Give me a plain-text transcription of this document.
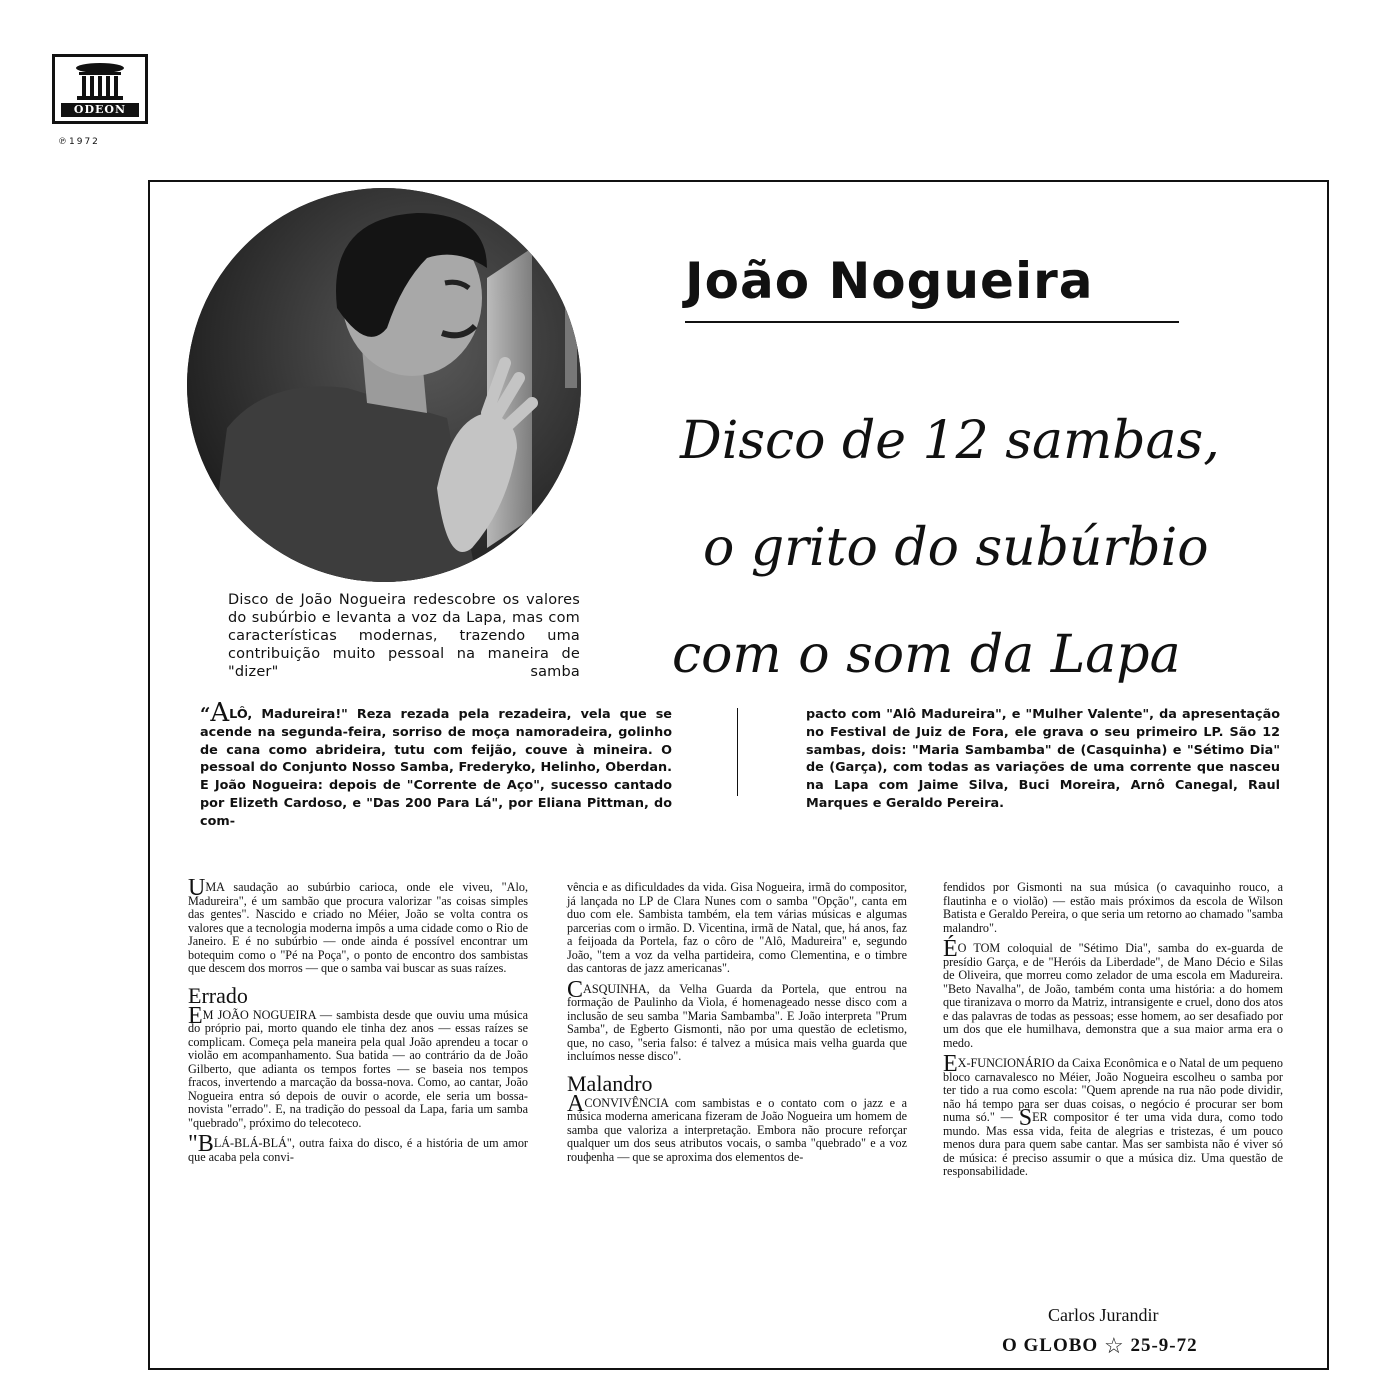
ODEON
℗1972
Disco de João Nogueira redescobre os valores do subúrbio e levanta a voz da Lapa, mas com características modernas, trazendo uma contribuição muito pessoal na maneira de "dizer" samba
João Nogueira
Disco de 12 sambas,
o grito do subúrbio
com o som da Lapa
“ALÔ, Madureira!" Reza rezada pela rezadeira, vela que se acende na segunda-feira, sorriso de moça namoradeira, golinho de cana como abrideira, tutu com feijão, couve à mineira. O pessoal do Conjunto Nosso Samba, Frederyko, Helinho, Oberdan. E João Nogueira: depois de "Corrente de Aço", sucesso cantado por Elizeth Cardoso, e "Das 200 Para Lá", por Eliana Pittman, do com-
pacto com "Alô Madureira", e "Mulher Valente", da apresentação no Festival de Juiz de Fora, ele grava o seu primeiro LP. São 12 sambas, dois: "Maria Sambamba" de (Casquinha) e "Sétimo Dia" de (Garça), com todas as variações de uma corrente que nasceu na Lapa com Jaime Silva, Buci Moreira, Arnô Canegal, Raul Marques e Geraldo Pereira.

UMA saudação ao subúrbio carioca, onde ele viveu, "Alo, Madureira", é um sambão que procura valorizar "as coisas simples das gentes". Nascido e criado no Méier, João se volta contra os valores que a tecnologia moderna impôs a uma cidade como o Rio de Janeiro. E é no subúrbio — onde ainda é possível encontrar um botequim como o "Pé na Poça", o ponto de encontro dos sambistas que descem dos morros — que o samba vai buscar as suas raízes.

Errado

EM JOÃO NOGUEIRA — sambista desde que ouviu uma música do próprio pai, morto quando ele tinha dez anos — essas raízes se complicam. Começa pela maneira pela qual João aprendeu a tocar o violão em acompanhamento. Sua batida — ao contrário da de João Gilberto, que adianta os tempos fortes — se baseia nos tempos fracos, invertendo a marcação da bossa-nova. Como, ao cantar, João Nogueira entra só depois de ouvir o acorde, ele seria um bossa-novista "errado". E, na tradição do pessoal da Lapa, faria um samba "quebrado", próximo do telecoteco.

"BLÁ-BLÁ-BLÁ", outra faixa do disco, é a história de um amor que acaba pela convi-

vência e as dificuldades da vida. Gisa Nogueira, irmã do compositor, já lançada no LP de Clara Nunes com o samba "Opção", canta em duo com ele. Sambista também, ela tem várias músicas e algumas parcerias com o irmão. D. Vicentina, irmã de Natal, que, há anos, faz a feijoada da Portela, faz o côro de "Alô, Madureira" e, segundo João, "tem a voz da velha partideira, como Clementina, e o timbre das cantoras de jazz americanas".

CASQUINHA, da Velha Guarda da Portela, que entrou na formação de Paulinho da Viola, é homenageado nesse disco com a inclusão de seu samba "Maria Sambamba". E João interpreta "Prum Samba", de Egberto Gismonti, não por uma questão de ecletismo, que, no caso, "seria falso: é talvez a música mais velha guarda que incluímos nesse disco".

Malandro

ACONVIVÊNCIA com sambistas e o contato com o jazz e a música moderna americana fizeram de João Nogueira um homem de samba que valoriza a interpretação. Embora não procure reforçar qualquer um dos seus atributos vocais, o samba "quebrado" e a voz rouфenha — que se aproxima dos elementos de-

fendidos por Gismonti na sua música (o cavaquinho rouco, a flautinha e o violão) — estão mais próximos da escola de Wilson Batista e Geraldo Pereira, o que seria um retorno ao chamado "samba malandro".

ÉO TOM coloquial de "Sétimo Dia", samba do ex-guarda de presídio Garça, e de "Heróis da Liberdade", de Mano Décio e Silas de Oliveira, que morreu como zelador de uma escola em Madureira. "Beto Navalha", de João, também conta uma história: a do homem que tiranizava o morro da Matriz, intransigente e cruel, dono dos atos e das palavras de todas as pessoas; esse homem, ao ser desafiado por um dos que ele humilhava, demonstra que a sua maior arma era o medo.

EX-FUNCIONÁRIO da Caixa Econômica e o Natal de um pequeno bloco carnavalesco no Méier, João Nogueira escolheu o samba por ter tido a rua como escola: "Quem aprende na rua não pode dividir, não há tempo para ser duas coisas, o negócio é procurar ser bom numa só." — SER compositor é ter uma vida dura, como todo mundo. Mas essa vida, feita de alegrias e tristezas, é um pouco menos dura para quem sabe cantar. Mas ser sambista não é viver só de música: é preciso assumir o que a música diz. Uma questão de responsabilidade.

Carlos Jurandir
O GLOBO ☆ 25-9-72
